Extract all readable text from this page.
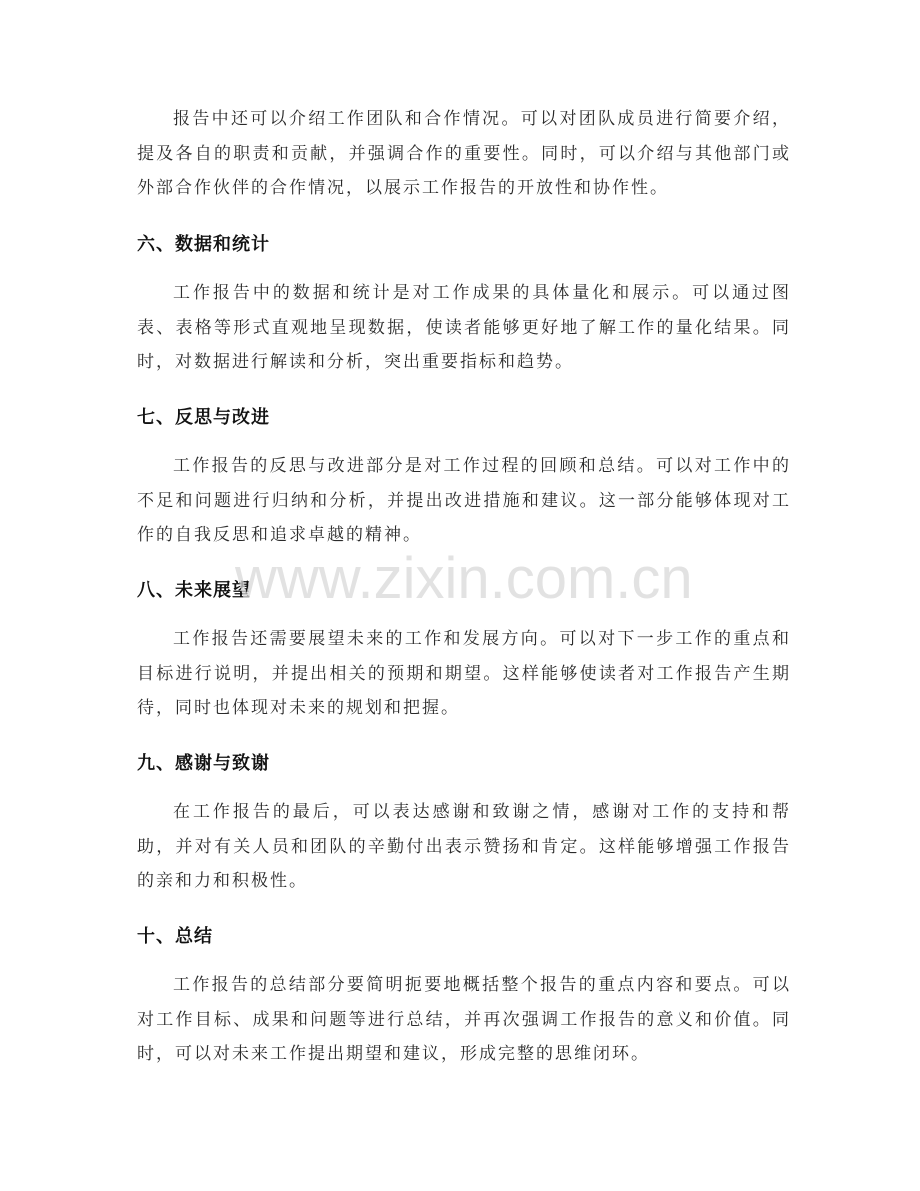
报告中还可以介绍工作团队和合作情况。可以对团队成员进行简要介绍，提及各自的职责和贡献，并强调合作的重要性。同时，可以介绍与其他部门或外部合作伙伴的合作情况，以展示工作报告的开放性和协作性。

六、数据和统计

工作报告中的数据和统计是对工作成果的具体量化和展示。可以通过图表、表格等形式直观地呈现数据，使读者能够更好地了解工作的量化结果。同时，对数据进行解读和分析，突出重要指标和趋势。

七、反思与改进

工作报告的反思与改进部分是对工作过程的回顾和总结。可以对工作中的不足和问题进行归纳和分析，并提出改进措施和建议。这一部分能够体现对工作的自我反思和追求卓越的精神。

八、未来展望

工作报告还需要展望未来的工作和发展方向。可以对下一步工作的重点和目标进行说明，并提出相关的预期和期望。这样能够使读者对工作报告产生期待，同时也体现对未来的规划和把握。

九、感谢与致谢

在工作报告的最后，可以表达感谢和致谢之情，感谢对工作的支持和帮助，并对有关人员和团队的辛勤付出表示赞扬和肯定。这样能够增强工作报告的亲和力和积极性。

十、总结

工作报告的总结部分要简明扼要地概括整个报告的重点内容和要点。可以对工作目标、成果和问题等进行总结，并再次强调工作报告的意义和价值。同时，可以对未来工作提出期望和建议，形成完整的思维闭环。

www.zixin.com.cn
